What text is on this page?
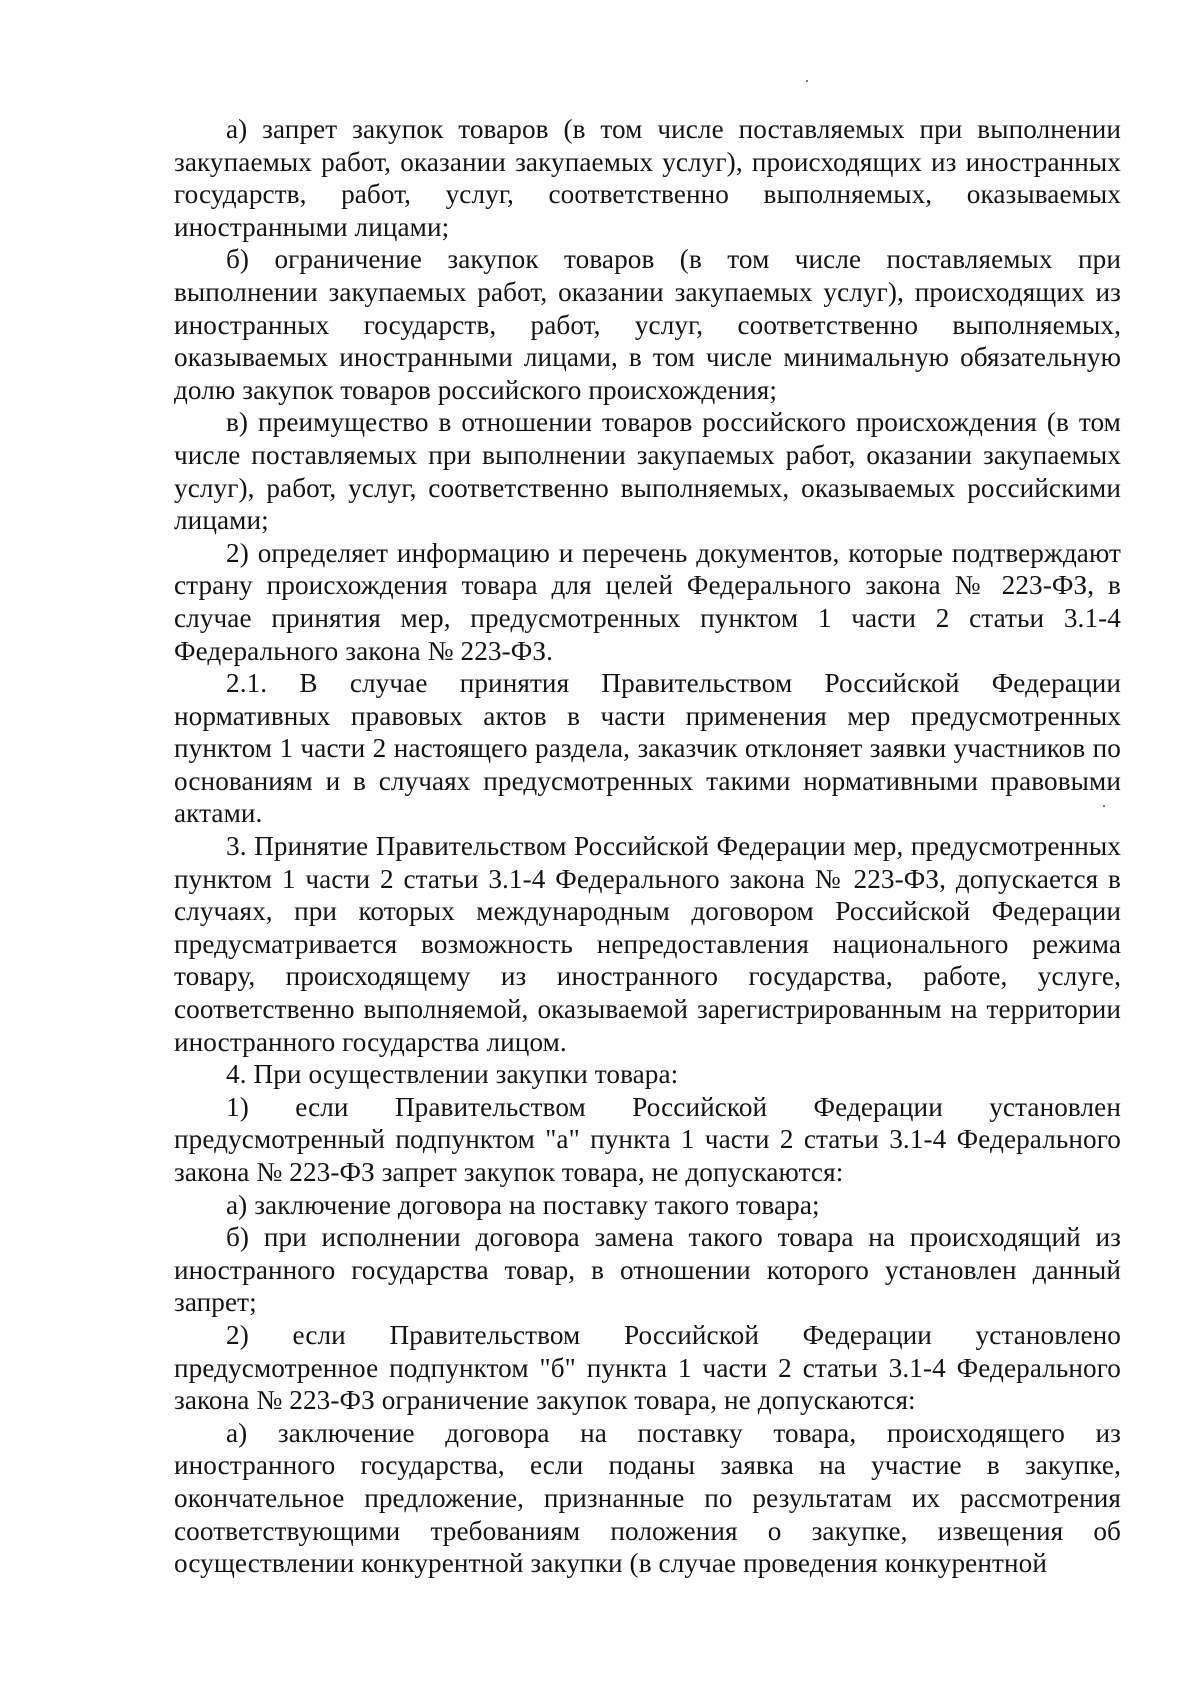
а) запрет закупок товаров (в том числе поставляемых при выполнении закупаемых работ, оказании закупаемых услуг), происходящих из иностранных государств, работ, услуг, соответственно выполняемых, оказываемых иностранными лицами;

б) ограничение закупок товаров (в том числе поставляемых при выполнении закупаемых работ, оказании закупаемых услуг), происходящих из иностранных государств, работ, услуг, соответственно выполняемых, оказываемых иностранными лицами, в том числе минимальную обязательную долю закупок товаров российского происхождения;

в) преимущество в отношении товаров российского происхождения (в том числе поставляемых при выполнении закупаемых работ, оказании закупаемых услуг), работ, услуг, соответственно выполняемых, оказываемых российскими лицами;

2) определяет информацию и перечень документов, которые подтверждают страну происхождения товара для целей Федерального закона № 223-ФЗ, в случае принятия мер, предусмотренных пунктом 1 части 2 статьи 3.1-4 Федерального закона № 223-ФЗ.

2.1. В случае принятия Правительством Российской Федерации нормативных правовых актов в части применения мер предусмотренных пунктом 1 части 2 настоящего раздела, заказчик отклоняет заявки участников по основаниям и в случаях предусмотренных такими нормативными правовыми актами.

3. Принятие Правительством Российской Федерации мер, предусмотренных пунктом 1 части 2 статьи 3.1-4 Федерального закона № 223-ФЗ, допускается в случаях, при которых международным договором Российской Федерации предусматривается возможность непредоставления национального режима товару, происходящему из иностранного государства, работе, услуге, соответственно выполняемой, оказываемой зарегистрированным на территории иностранного государства лицом.

4. При осуществлении закупки товара:

1) если Правительством Российской Федерации установлен предусмотренный подпунктом "а" пункта 1 части 2 статьи 3.1-4 Федерального закона № 223-ФЗ запрет закупок товара, не допускаются:

а) заключение договора на поставку такого товара;

б) при исполнении договора замена такого товара на происходящий из иностранного государства товар, в отношении которого установлен данный запрет;

2) если Правительством Российской Федерации установлено предусмотренное подпунктом "б" пункта 1 части 2 статьи 3.1-4 Федерального закона № 223-ФЗ ограничение закупок товара, не допускаются:

а) заключение договора на поставку товара, происходящего из иностранного государства, если поданы заявка на участие в закупке, окончательное предложение, признанные по результатам их рассмотрения соответствующими требованиям положения о закупке, извещения об осуществлении конкурентной закупки (в случае проведения конкурентной
